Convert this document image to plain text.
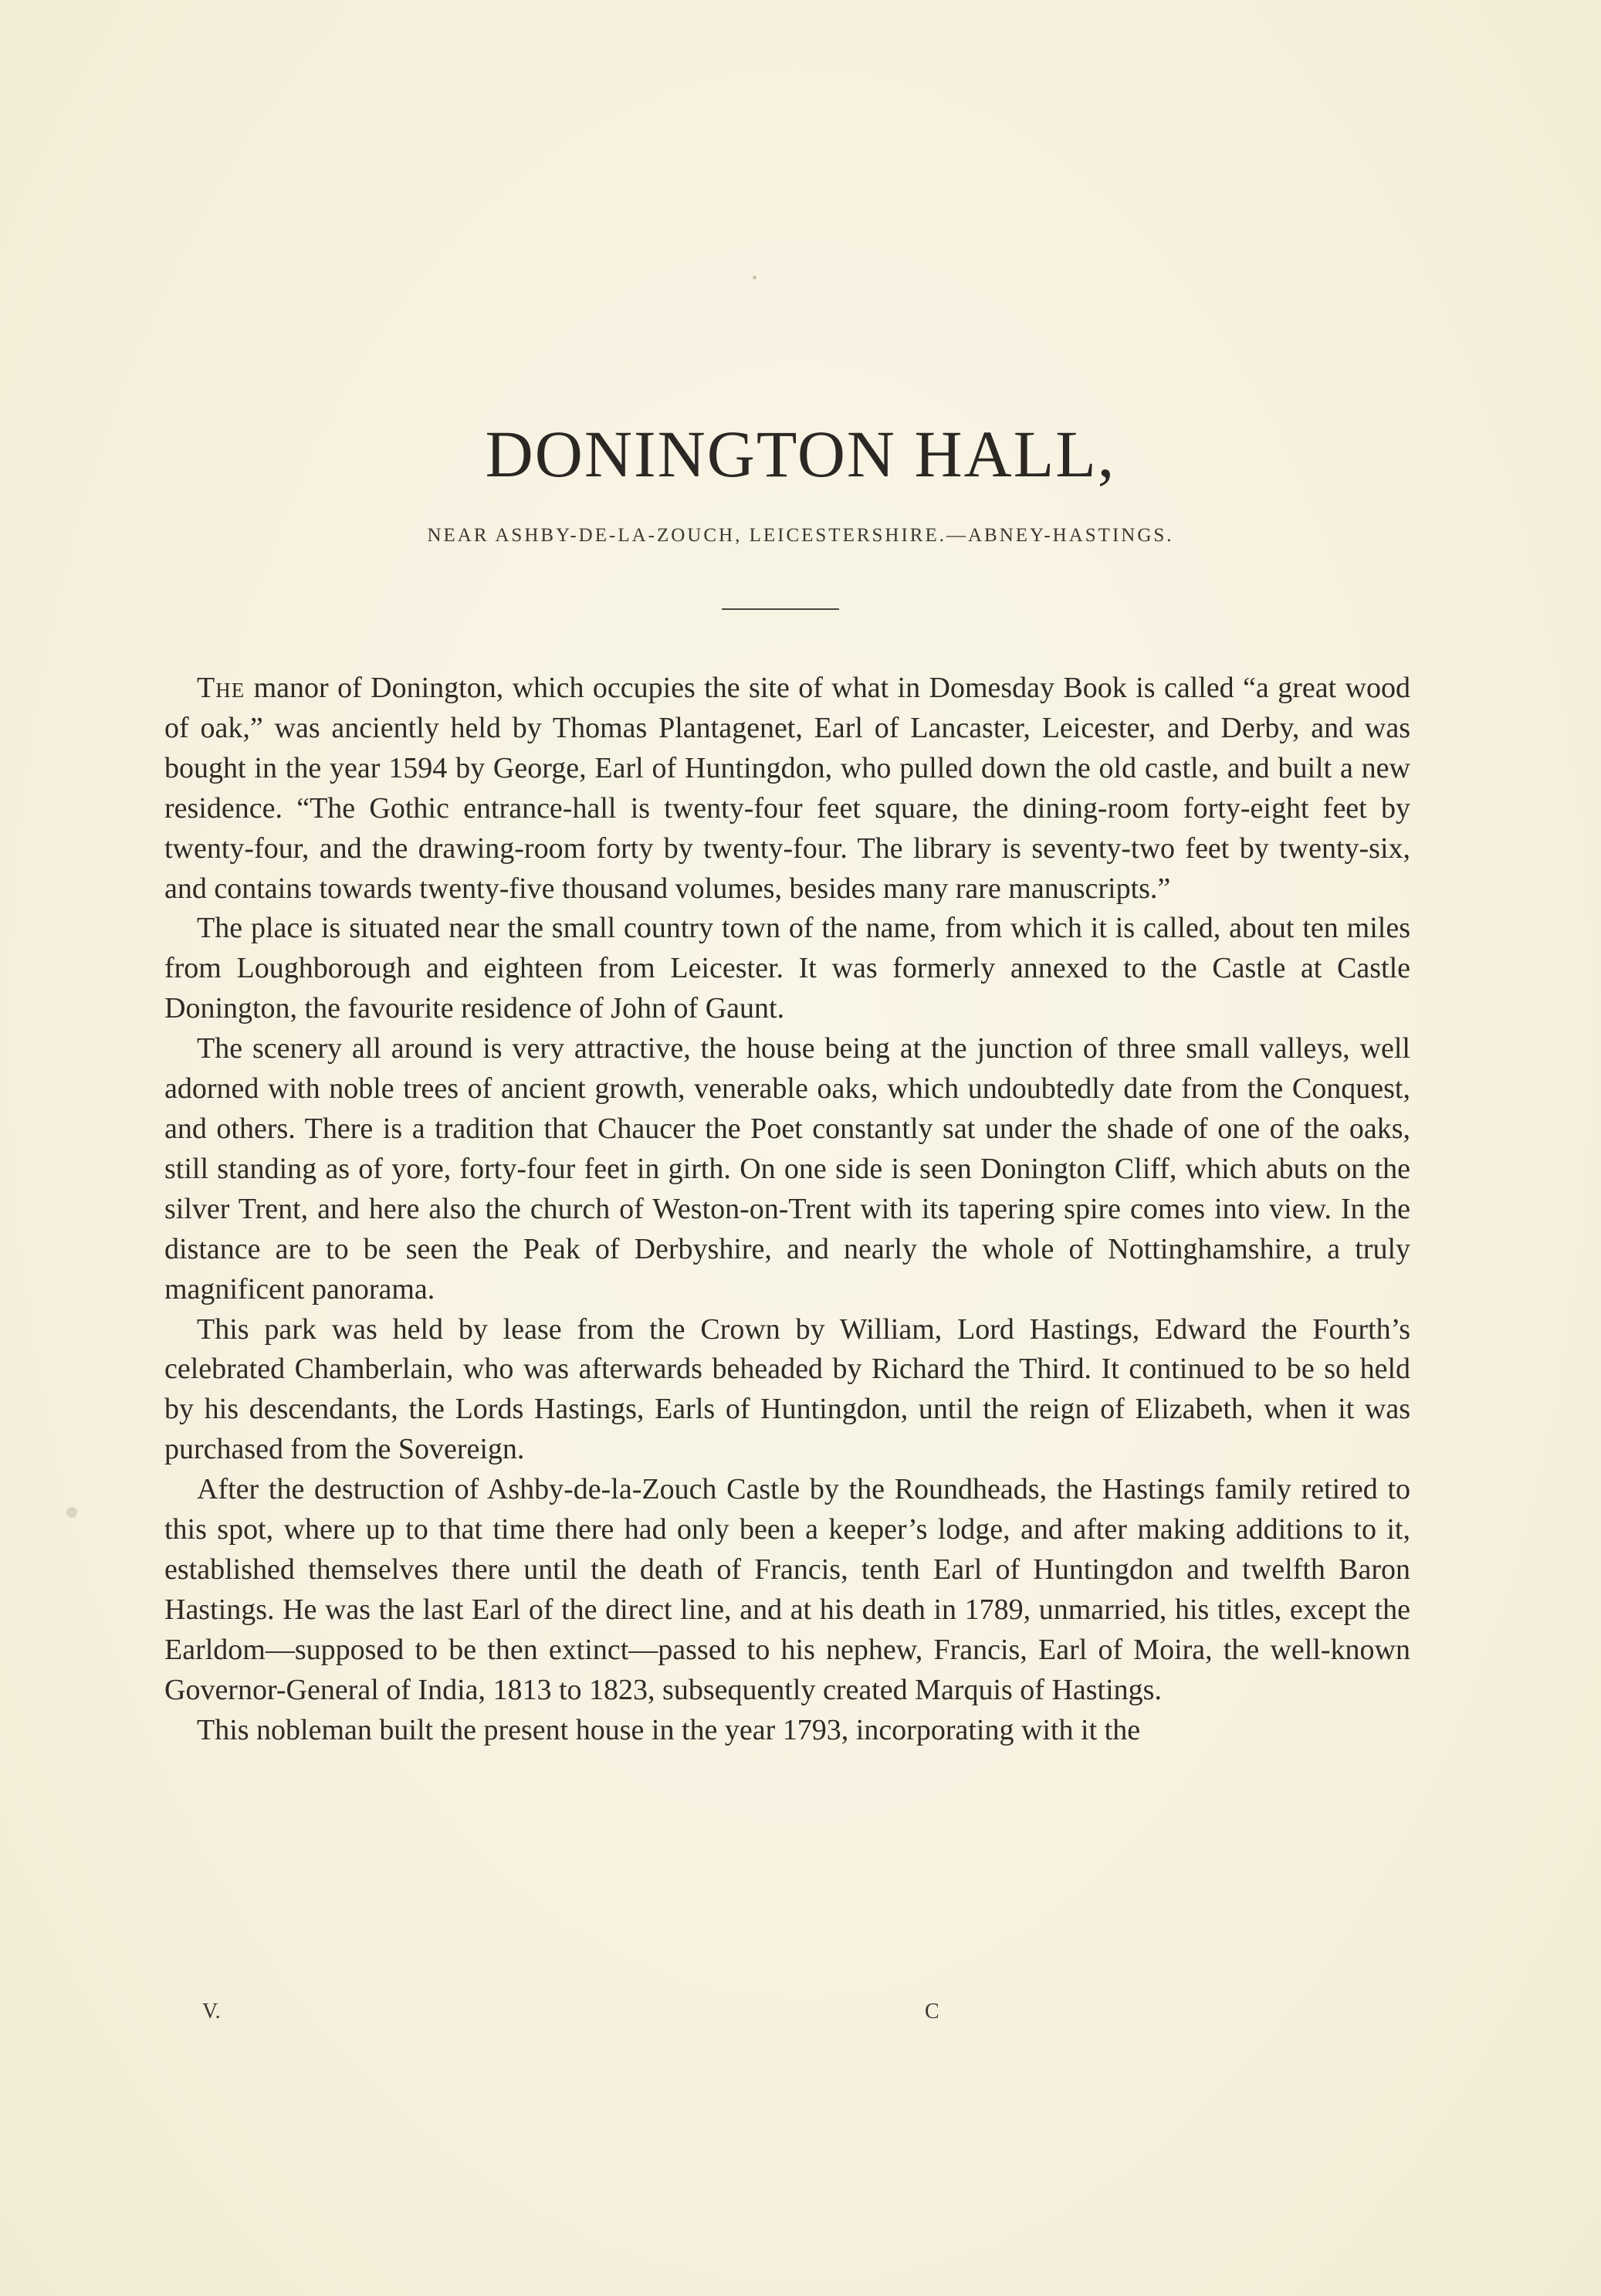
DONINGTON HALL,
NEAR ASHBY-DE-LA-ZOUCH, LEICESTERSHIRE.—ABNEY-HASTINGS.

The manor of Donington, which occupies the site of what in Domesday Book is called “a great wood of oak,” was anciently held by Thomas Plantagenet, Earl of Lancaster, Leicester, and Derby, and was bought in the year 1594 by George, Earl of Huntingdon, who pulled down the old castle, and built a new residence. “The Gothic entrance-hall is twenty-four feet square, the dining-room forty-eight feet by twenty-four, and the drawing-room forty by twenty-four. The library is seventy-two feet by twenty-six, and contains towards twenty-five thousand volumes, besides many rare manuscripts.”

The place is situated near the small country town of the name, from which it is called, about ten miles from Loughborough and eighteen from Leicester. It was formerly annexed to the Castle at Castle Donington, the favourite residence of John of Gaunt.

The scenery all around is very attractive, the house being at the junction of three small valleys, well adorned with noble trees of ancient growth, venerable oaks, which undoubtedly date from the Conquest, and others. There is a tradition that Chaucer the Poet constantly sat under the shade of one of the oaks, still standing as of yore, forty-four feet in girth. On one side is seen Donington Cliff, which abuts on the silver Trent, and here also the church of Weston-on-Trent with its tapering spire comes into view. In the distance are to be seen the Peak of Derbyshire, and nearly the whole of Nottinghamshire, a truly magnificent panorama.

This park was held by lease from the Crown by William, Lord Hastings, Edward the Fourth’s celebrated Chamberlain, who was afterwards beheaded by Richard the Third. It continued to be so held by his descendants, the Lords Hastings, Earls of Huntingdon, until the reign of Elizabeth, when it was purchased from the Sovereign.

After the destruction of Ashby-de-la-Zouch Castle by the Roundheads, the Hastings family retired to this spot, where up to that time there had only been a keeper’s lodge, and after making additions to it, established themselves there until the death of Francis, tenth Earl of Huntingdon and twelfth Baron Hastings. He was the last Earl of the direct line, and at his death in 1789, unmarried, his titles, except the Earldom—supposed to be then extinct—passed to his nephew, Francis, Earl of Moira, the well-known Governor-General of India, 1813 to 1823, subsequently created Marquis of Hastings.

This nobleman built the present house in the year 1793, incorporating with it the

V.	C
